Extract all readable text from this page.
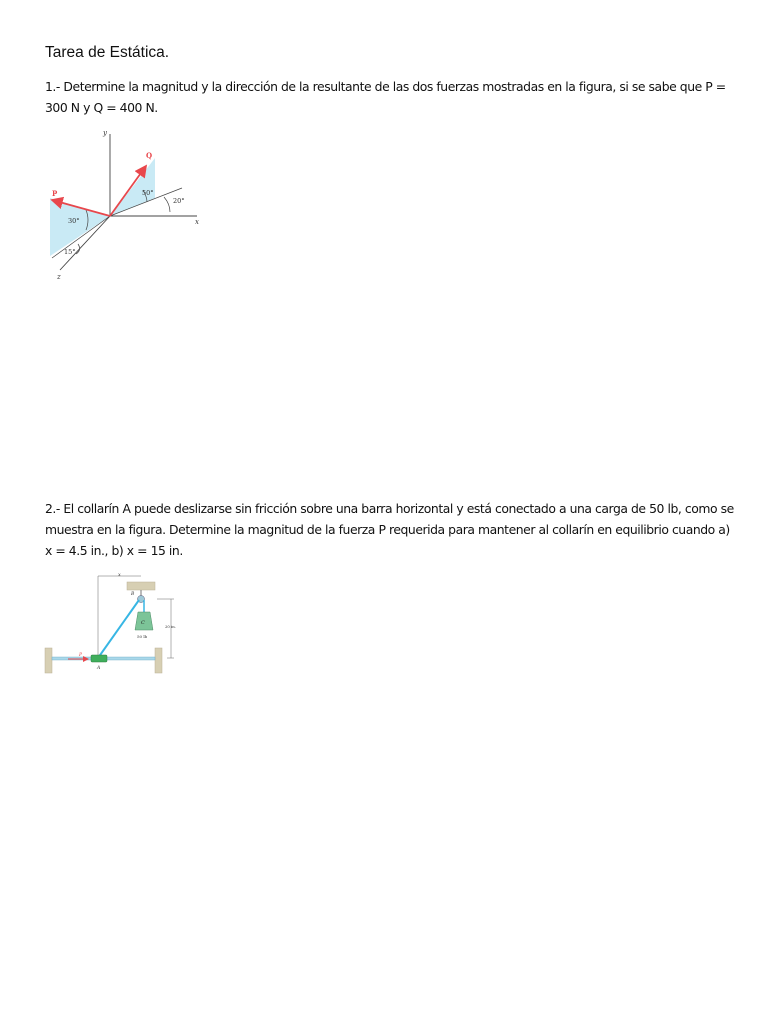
Tarea de Estática.
1.- Determine la magnitud y la dirección de la resultante de las dos fuerzas mostradas en la figura, si se sabe que P = 300 N y Q = 400 N.
y
x
z
Q
P	50°
20°
30°
15°
2.- El collarín A puede deslizarse sin fricción sobre una barra horizontal y está conectado a una carga de 50 lb, como se muestra en la figura. Determine la magnitud de la fuerza P requerida para mantener al collarín en equilibrio cuando a) x = 4.5 in., b) x = 15 in.
x
B
C
50 lb
20 in.
A
P
